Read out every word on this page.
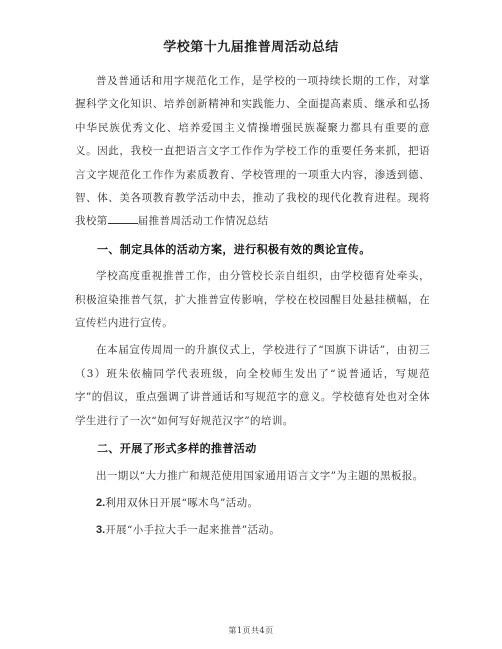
学校第十九届推普周活动总结

普及普通话和用字规范化工作，是学校的一项持续长期的工作，对掌握科学文化知识、培养创新精神和实践能力、全面提高素质、继承和弘扬中华民族优秀文化、培养爱国主义情操增强民族凝聚力都具有重要的意义。因此，我校一直把语言文字工作作为学校工作的重要任务来抓，把语言文字规范化工作作为素质教育、学校管理的一项重大内容，渗透到德、智、体、美各项教育教学活动中去，推动了我校的现代化教育进程。现将我校第	届推普周活动工作情况总结

一、制定具体的活动方案，进行积极有效的舆论宣传。

学校高度重视推普工作，由分管校长亲自组织，由学校德育处牵头，积极渲染推普气氛，扩大推普宣传影响，学校在校园醒目处悬挂横幅，在宣传栏内进行宣传。

在本届宣传周周一的升旗仪式上，学校进行了“国旗下讲话”，由初三（3）班朱依楠同学代表班级，向全校师生发出了“说普通话，写规范字”的倡议，重点强调了讲普通话和写规范字的意义。学校德育处也对全体学生进行了一次“如何写好规范汉字”的培训。

二、开展了形式多样的推普活动

出一期以“大力推广和规范使用国家通用语言文字”为主题的黑板报。

2.利用双休日开展“啄木鸟”活动。

3.开展“小手拉大手一起来推普”活动。

第1页共4页
